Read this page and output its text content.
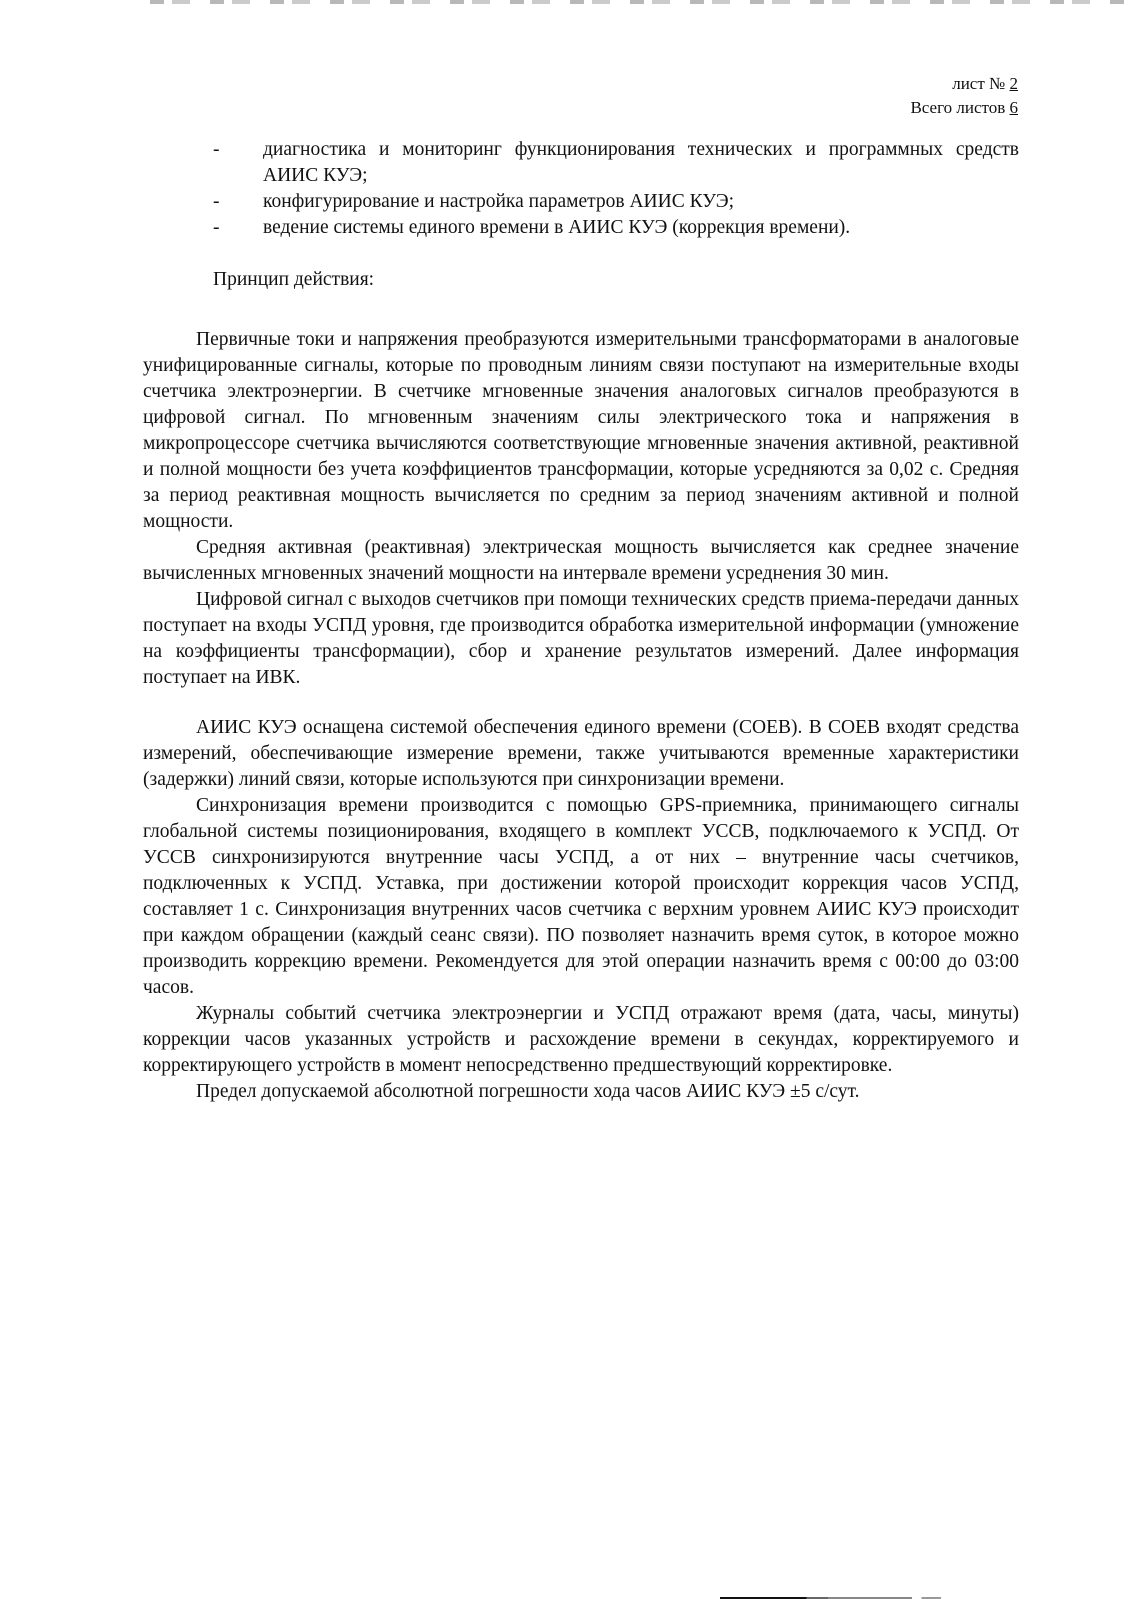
лист № 2
Всего листов 6
- диагностика и мониторинг функционирования технических и программных средств АИИС КУЭ;
- конфигурирование и настройка параметров АИИС КУЭ;
- ведение системы единого времени в АИИС КУЭ (коррекция времени).
Принцип действия:

Первичные токи и напряжения преобразуются измерительными трансформаторами в аналоговые унифицированные сигналы, которые по проводным линиям связи поступают на измерительные входы счетчика электроэнергии. В счетчике мгновенные значения аналоговых сигналов преобразуются в цифровой сигнал. По мгновенным значениям силы электрического тока и напряжения в микропроцессоре счетчика вычисляются соответствующие мгновенные значения активной, реактивной и полной мощности без учета коэффициентов трансформации, которые усредняются за 0,02 с. Средняя за период реактивная мощность вычисляется по средним за период значениям активной и полной мощности.

Средняя активная (реактивная) электрическая мощность вычисляется как среднее значение вычисленных мгновенных значений мощности на интервале времени усреднения 30 мин.

Цифровой сигнал с выходов счетчиков при помощи технических средств приема-передачи данных поступает на входы УСПД уровня, где производится обработка измерительной информации (умножение на коэффициенты трансформации), сбор и хранение результатов измерений. Далее информация поступает на ИВК.

АИИС КУЭ оснащена системой обеспечения единого времени (СОЕВ). В СОЕВ входят средства измерений, обеспечивающие измерение времени, также учитываются временные характеристики (задержки) линий связи, которые используются при синхронизации времени.

Синхронизация времени производится с помощью GPS-приемника, принимающего сигналы глобальной системы позиционирования, входящего в комплект УССВ, подключаемого к УСПД. От УССВ синхронизируются внутренние часы УСПД, а от них – внутренние часы счетчиков, подключенных к УСПД. Уставка, при достижении которой происходит коррекция часов УСПД, составляет 1 с. Синхронизация внутренних часов счетчика с верхним уровнем АИИС КУЭ происходит при каждом обращении (каждый сеанс связи). ПО позволяет назначить время суток, в которое можно производить коррекцию времени. Рекомендуется для этой операции назначить время с 00:00 до 03:00 часов.

Журналы событий счетчика электроэнергии и УСПД отражают время (дата, часы, минуты) коррекции часов указанных устройств и расхождение времени в секундах, корректируемого и корректирующего устройств в момент непосредственно предшествующий корректировке.

Предел допускаемой абсолютной погрешности хода часов АИИС КУЭ ±5 с/сут.
